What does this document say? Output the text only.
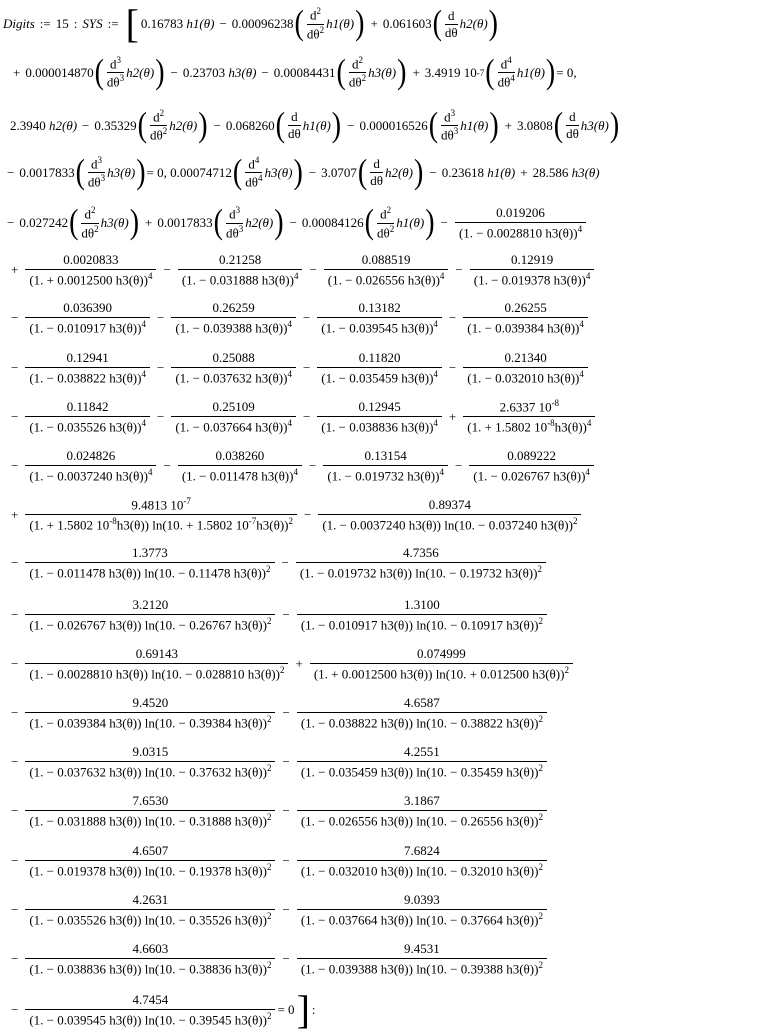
Digits := 15 : SYS := [ 0.16783
h1(θ) − 0.00096238 ( $d^2$
$d\theta^2$ h1(θ) ) + 0.061603 ( d
dθ
h2(θ) )
+ 0.000014870 ( $d^3$
$d\theta^3$ h2(θ) ) − 0.23703
h3(θ) − 0.00084431 ( $d^2$
$d\theta^2$ h3(θ) ) + 3.4919 10 -7 ( $d^4$
$d\theta^4$ h1(θ) ) = 0,
2.3940
h2(θ) − 0.35329 ( $d^2$
$d\theta^2$ h2(θ) ) − 0.068260 ( d
dθ
h1(θ) ) − 0.000016526 ( $d^3$
$d\theta^3$ h1(θ) ) + 3.0808 ( d
dθ
h3(θ) )
− 0.0017833 ( $d^3$
$d\theta^3$ h3(θ) ) = 0,
0.00074712 ( $d^4$
$d\theta^4$ h3(θ) ) − 3.0707 ( d
dθ
h2(θ) ) − 0.23618
h1(θ) + 28.586
h3(θ)
− 0.027242 ( $d^2$
$d\theta^2$ h3(θ) ) + 0.0017833 ( $d^3$
$d\theta^3$ h2(θ) ) − 0.00084126 ( $d^2$
$d\theta^2$ h1(θ) ) − $\frac{0.019206}{(1. - 0.0028810 h3(\theta))^4}$
+ $\frac{0.0020833}{(1. + 0.0012500 h3(\theta))^4} - \frac{0.21258}{(1. - 0.031888 h3(\theta))^4} - \frac{0.088519}{(1. - 0.026556 h3(\theta))^4} - \frac{0.12919}{(1. - 0.019378 h3(\theta))^4}$
− $\frac{0.036390}{(1. - 0.010917 h3(\theta))^4} - \frac{0.26259}{(1. - 0.039388 h3(\theta))^4} - \frac{0.13182}{(1. - 0.039545 h3(\theta))^4} - \frac{0.26255}{(1. - 0.039384 h3(\theta))^4}$
− $\frac{0.12941}{(1. - 0.038822 h3(\theta))^4} - \frac{0.25088}{(1. - 0.037632 h3(\theta))^4} - \frac{0.11820}{(1. - 0.035459 h3(\theta))^4} - \frac{0.21340}{(1. - 0.032010 h3(\theta))^4}$
− $\frac{0.11842}{(1. - 0.035526 h3(\theta))^4} - \frac{0.25109}{(1. - 0.037664 h3(\theta))^4} - \frac{0.12945}{(1. - 0.038836 h3(\theta))^4} + \frac{2.6337 10^{-8}}{(1. + 1.5802 10^{-8}h3(\theta))^4}$
− $\frac{0.024826}{(1. - 0.0037240 h3(\theta))^4} - \frac{0.038260}{(1. - 0.011478 h3(\theta))^4} - \frac{0.13154}{(1. - 0.019732 h3(\theta))^4} - \frac{0.089222}{(1. - 0.026767 h3(\theta))^4}$
+ $\frac{9.4813 10^{-7}}{(1. + 1.5802 10^{-8}h3(\theta)) \ln(10. + 1.5802 10^{-7}h3(\theta))^2} - \frac{0.89374}{(1. - 0.0037240 h3(\theta)) \ln(10. - 0.037240 h3(\theta))^2}$
− $\frac{1.3773}{(1. - 0.011478 h3(\theta)) \ln(10. - 0.11478 h3(\theta))^2} - \frac{4.7356}{(1. - 0.019732 h3(\theta)) \ln(10. - 0.19732 h3(\theta))^2}$
− $\frac{3.2120}{(1. - 0.026767 h3(\theta)) \ln(10. - 0.26767 h3(\theta))^2} - \frac{1.3100}{(1. - 0.010917 h3(\theta)) \ln(10. - 0.10917 h3(\theta))^2}$
− $\frac{0.69143}{(1. - 0.0028810 h3(\theta)) \ln(10. - 0.028810 h3(\theta))^2} + \frac{0.074999}{(1. + 0.0012500 h3(\theta)) \ln(10. + 0.012500 h3(\theta))^2}$
− $\frac{9.4520}{(1. - 0.039384 h3(\theta)) \ln(10. - 0.39384 h3(\theta))^2} - \frac{4.6587}{(1. - 0.038822 h3(\theta)) \ln(10. - 0.38822 h3(\theta))^2}$
− $\frac{9.0315}{(1. - 0.037632 h3(\theta)) \ln(10. - 0.37632 h3(\theta))^2} - \frac{4.2551}{(1. - 0.035459 h3(\theta)) \ln(10. - 0.35459 h3(\theta))^2}$
− $\frac{7.6530}{(1. - 0.031888 h3(\theta)) \ln(10. - 0.31888 h3(\theta))^2} - \frac{3.1867}{(1. - 0.026556 h3(\theta)) \ln(10. - 0.26556 h3(\theta))^2}$
− $\frac{4.6507}{(1. - 0.019378 h3(\theta)) \ln(10. - 0.19378 h3(\theta))^2} - \frac{7.6824}{(1. - 0.032010 h3(\theta)) \ln(10. - 0.32010 h3(\theta))^2}$
− $\frac{4.2631}{(1. - 0.035526 h3(\theta)) \ln(10. - 0.35526 h3(\theta))^2} - \frac{9.0393}{(1. - 0.037664 h3(\theta)) \ln(10. - 0.37664 h3(\theta))^2}$
− $\frac{4.6603}{(1. - 0.038836 h3(\theta)) \ln(10. - 0.38836 h3(\theta))^2} - \frac{9.4531}{(1. - 0.039388 h3(\theta)) \ln(10. - 0.39388 h3(\theta))^2}$
− $\frac{4.7454}{(1. - 0.039545 h3(\theta)) \ln(10. - 0.39545 h3(\theta))^2} = 0$ ] :
